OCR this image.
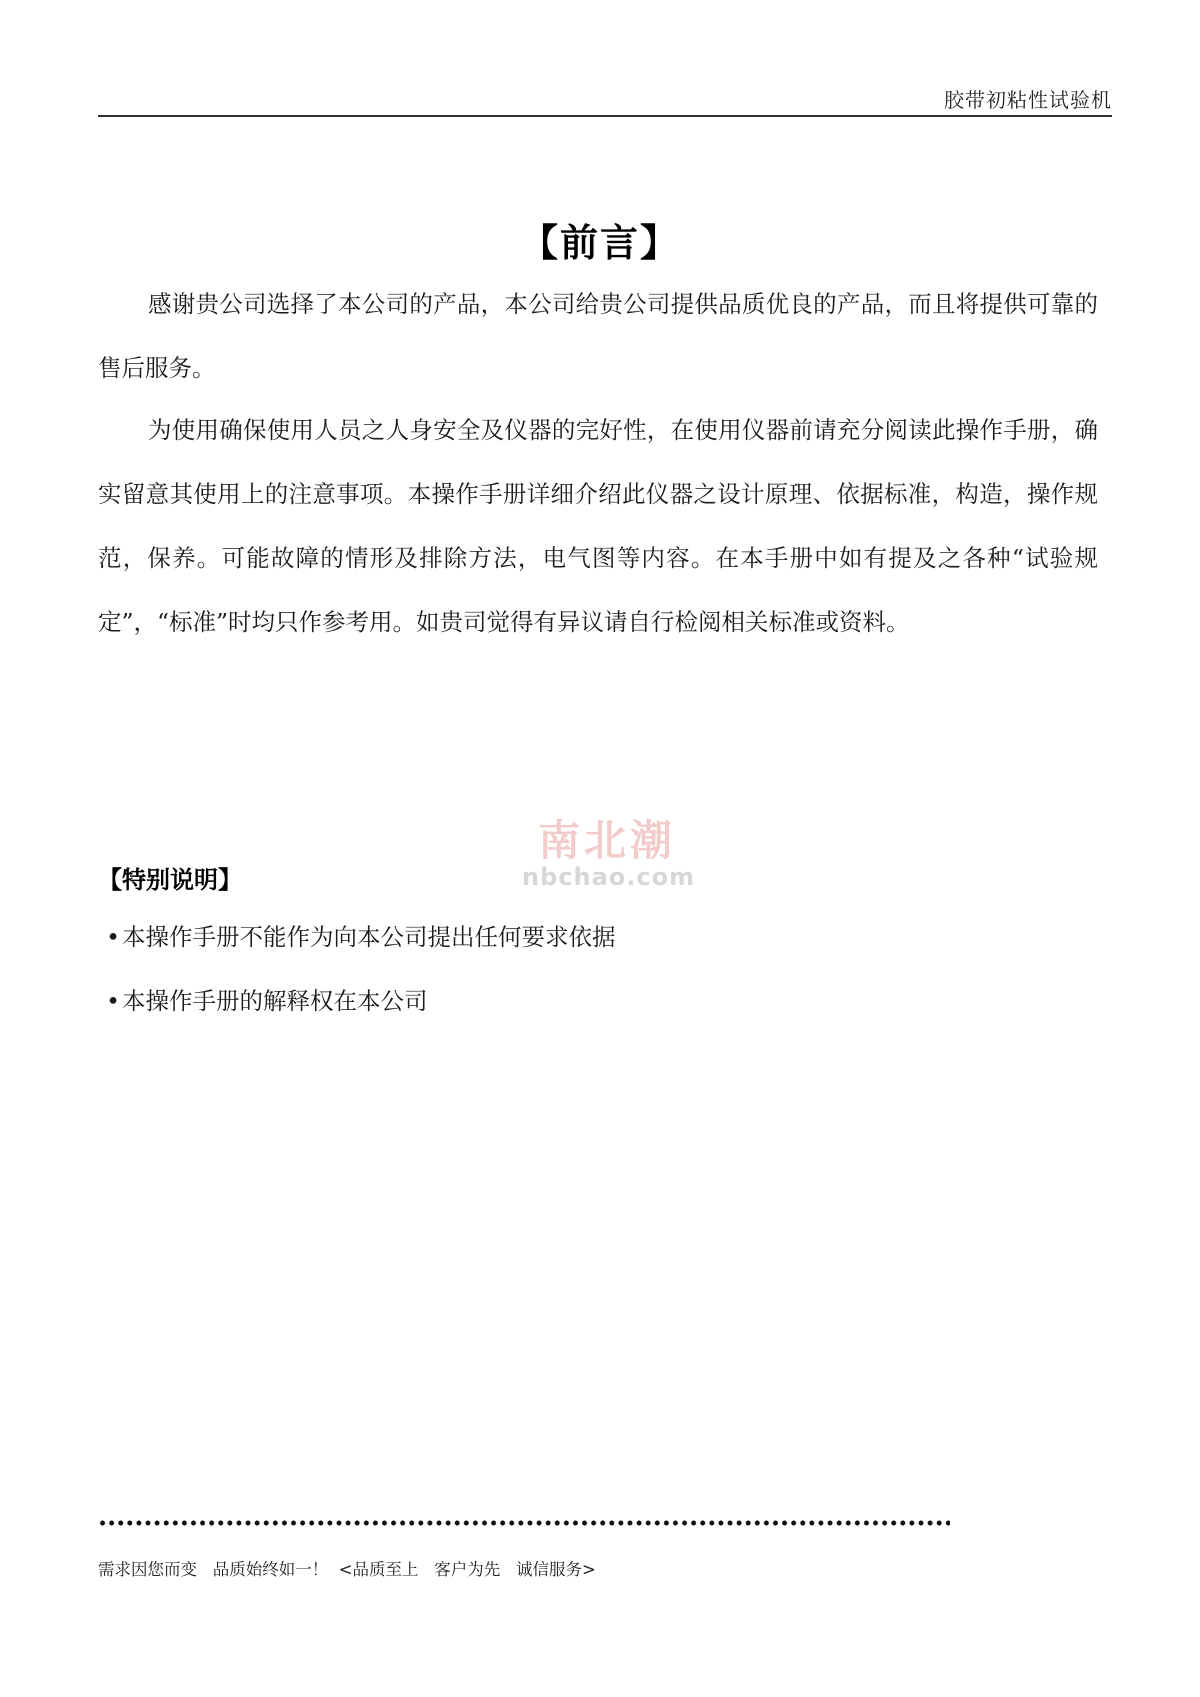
胶带初粘性试验机
【前言】

感谢贵公司选择了本公司的产品，本公司给贵公司提供品质优良的产品，而且将提供可靠的售后服务。

为使用确保使用人员之人身安全及仪器的完好性，在使用仪器前请充分阅读此操作手册，确实留意其使用上的注意事项。本操作手册详细介绍此仪器之设计原理、依据标准，构造，操作规范，保养。可能故障的情形及排除方法，电气图等内容。在本手册中如有提及之各种“试验规定”，“标准”时均只作参考用。如贵司觉得有异议请自行检阅相关标准或资料。

南北潮
nbchao.com
【特别说明】
•本操作手册不能作为向本公司提出任何要求依据
•本操作手册的解释权在本公司
需求因您而变   品质始终如一！  <品质至上   客户为先   诚信服务>
